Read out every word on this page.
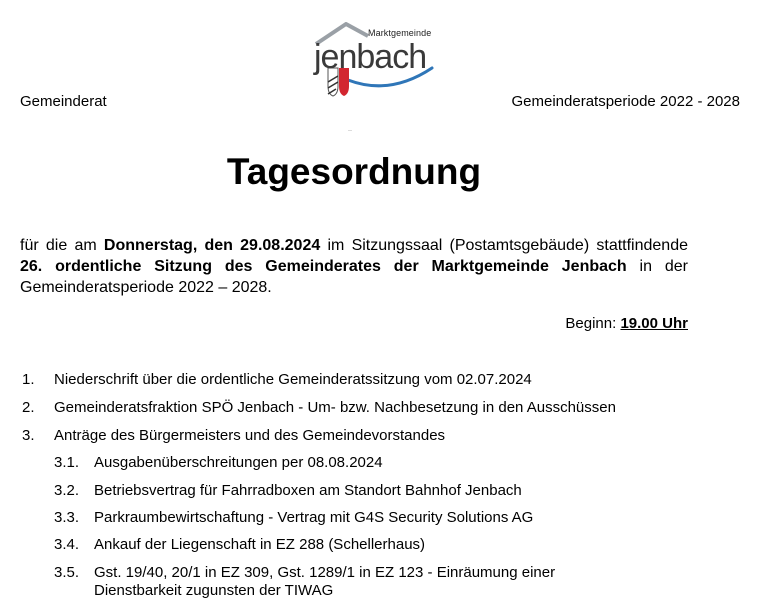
Marktgemeinde
jenbach
Gemeinderat	Gemeinderatsperiode 2022 - 2028
—
Tagesordnung

für die am Donnerstag, den 29.08.2024 im Sitzungssaal (Postamtsgebäude) stattfindende 26. ordentliche Sitzung des Gemeinderates der Marktgemeinde Jenbach in der Gemeinderatsperiode 2022 – 2028.

Beginn: 19.00 Uhr
1. Niederschrift über die ordentliche Gemeinderatssitzung vom 02.07.2024
2. Gemeinderatsfraktion SPÖ Jenbach - Um- bzw. Nachbesetzung in den Ausschüssen
3. Anträge des Bürgermeisters und des Gemeindevorstandes
3.1. Ausgabenüberschreitungen per 08.08.2024
3.2. Betriebsvertrag für Fahrradboxen am Standort Bahnhof Jenbach
3.3. Parkraumbewirtschaftung - Vertrag mit G4S Security Solutions AG
3.4. Ankauf der Liegenschaft in EZ 288 (Schellerhaus)
3.5. Gst. 19/40, 20/1 in EZ 309, Gst. 1289/1 in EZ 123 - Einräumung einer
Dienstbarkeit zugunsten der TIWAG
